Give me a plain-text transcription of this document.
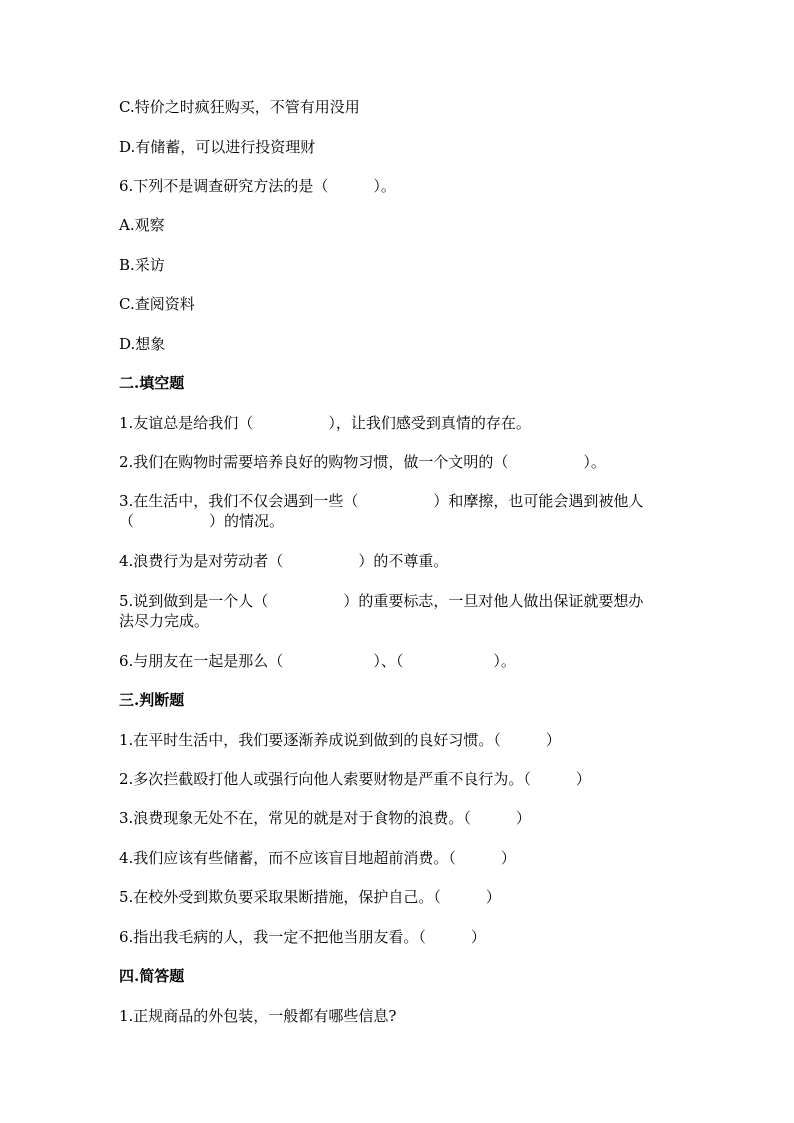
C.特价之时疯狂购买，不管有用没用
D.有储蓄，可以进行投资理财
6.下列不是调查研究方法的是（　　　）。
A.观察
B.采访
C.查阅资料
D.想象
二.填空题
1.友谊总是给我们（　　　　　），让我们感受到真情的存在。
2.我们在购物时需要培养良好的购物习惯，做一个文明的（　　　　　）。
3.在生活中，我们不仅会遇到一些（　　　　　）和摩擦，也可能会遇到被他人
（　　　　　）的情况。
4.浪费行为是对劳动者（　　　　　）的不尊重。
5.说到做到是一个人（　　　　　）的重要标志，一旦对他人做出保证就要想办
法尽力完成。
6.与朋友在一起是那么（　　　　　　）、（　　　　　　）。
三.判断题
1.在平时生活中，我们要逐渐养成说到做到的良好习惯。（　　　）
2.多次拦截殴打他人或强行向他人索要财物是严重不良行为。（　　　）
3.浪费现象无处不在，常见的就是对于食物的浪费。（　　　）
4.我们应该有些储蓄，而不应该盲目地超前消费。（　　　）
5.在校外受到欺负要采取果断措施，保护自己。（　　　）
6.指出我毛病的人，我一定不把他当朋友看。（　　　）
四.简答题
1.正规商品的外包装，一般都有哪些信息?
